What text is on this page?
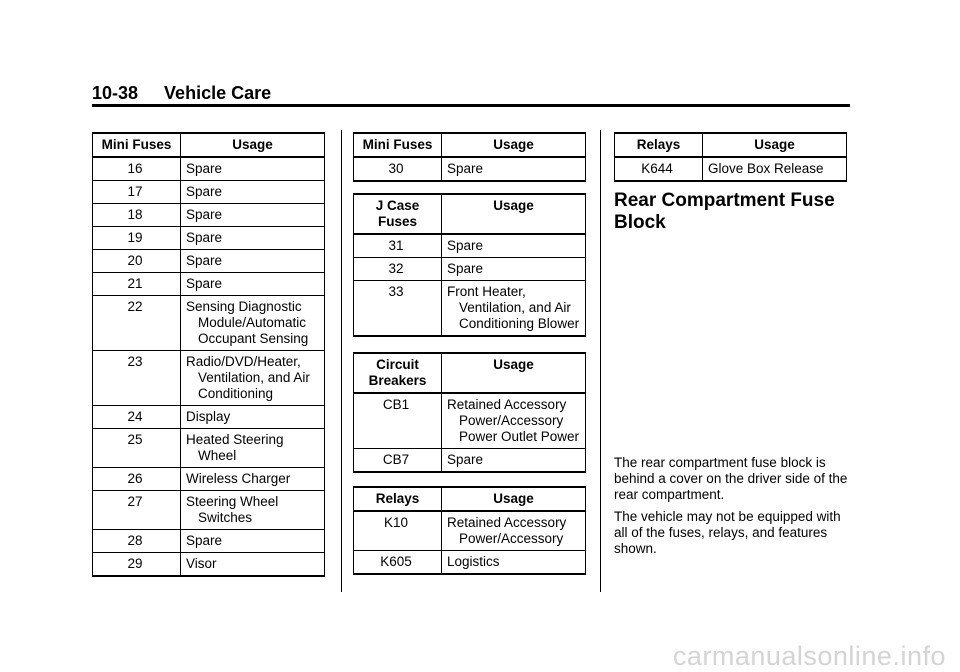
10-38 Vehicle Care
Mini Fuses	Usage
16	Spare
17	Spare
18	Spare
19	Spare
20	Spare
21	Spare
22	Sensing Diagnostic Module/Automatic Occupant Sensing
23	Radio/DVD/Heater, Ventilation, and Air Conditioning
24	Display
25	Heated Steering Wheel
26	Wireless Charger
27	Steering Wheel Switches
28	Spare
29	Visor
Mini Fuses	Usage
30	Spare
J Case Fuses	Usage
31	Spare
32	Spare
33	Front Heater, Ventilation, and Air Conditioning Blower
Circuit Breakers	Usage
CB1	Retained Accessory Power/Accessory Power Outlet Power
CB7	Spare
Relays	Usage
K10	Retained Accessory Power/Accessory
K605	Logistics
Relays	Usage
K644	Glove Box Release
Rear Compartment Fuse Block
The rear compartment fuse block is behind a cover on the driver side of the rear compartment.
The vehicle may not be equipped with all of the fuses, relays, and features shown.
carmanualsonline.info
